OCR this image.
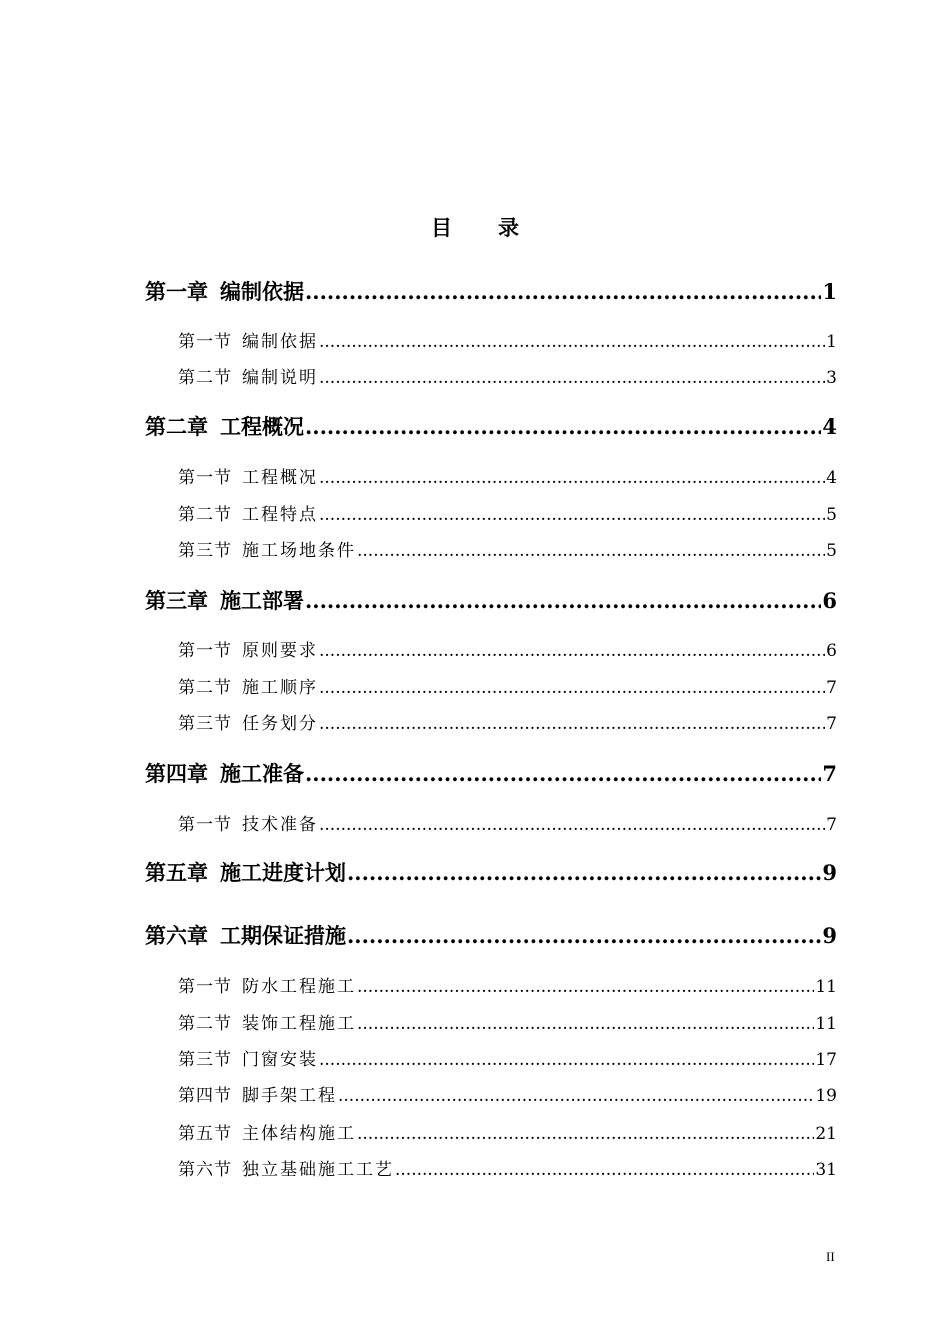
目 录
第一章 编制依据 .....	1
第一节 编制依据 .....	1
第二节 编制说明 .....	3
第二章 工程概况 .....	4
第一节 工程概况 .....	4
第二节 工程特点 .....	5
第三节 施工场地条件 .....	5
第三章 施工部署 .....	6
第一节 原则要求 .....	6
第二节 施工顺序 .....	7
第三节 任务划分 .....	7
第四章 施工准备 .....	7
第一节 技术准备 .....	7
第五章 施工进度计划 .....	9
第六章 工期保证措施 .....	9
第一节 防水工程施工 .....	11
第二节 装饰工程施工 .....	11
第三节 门窗安装 .....	17
第四节 脚手架工程 .....	19
第五节 主体结构施工 .....	21
第六节 独立基础施工工艺 .....	31
II
